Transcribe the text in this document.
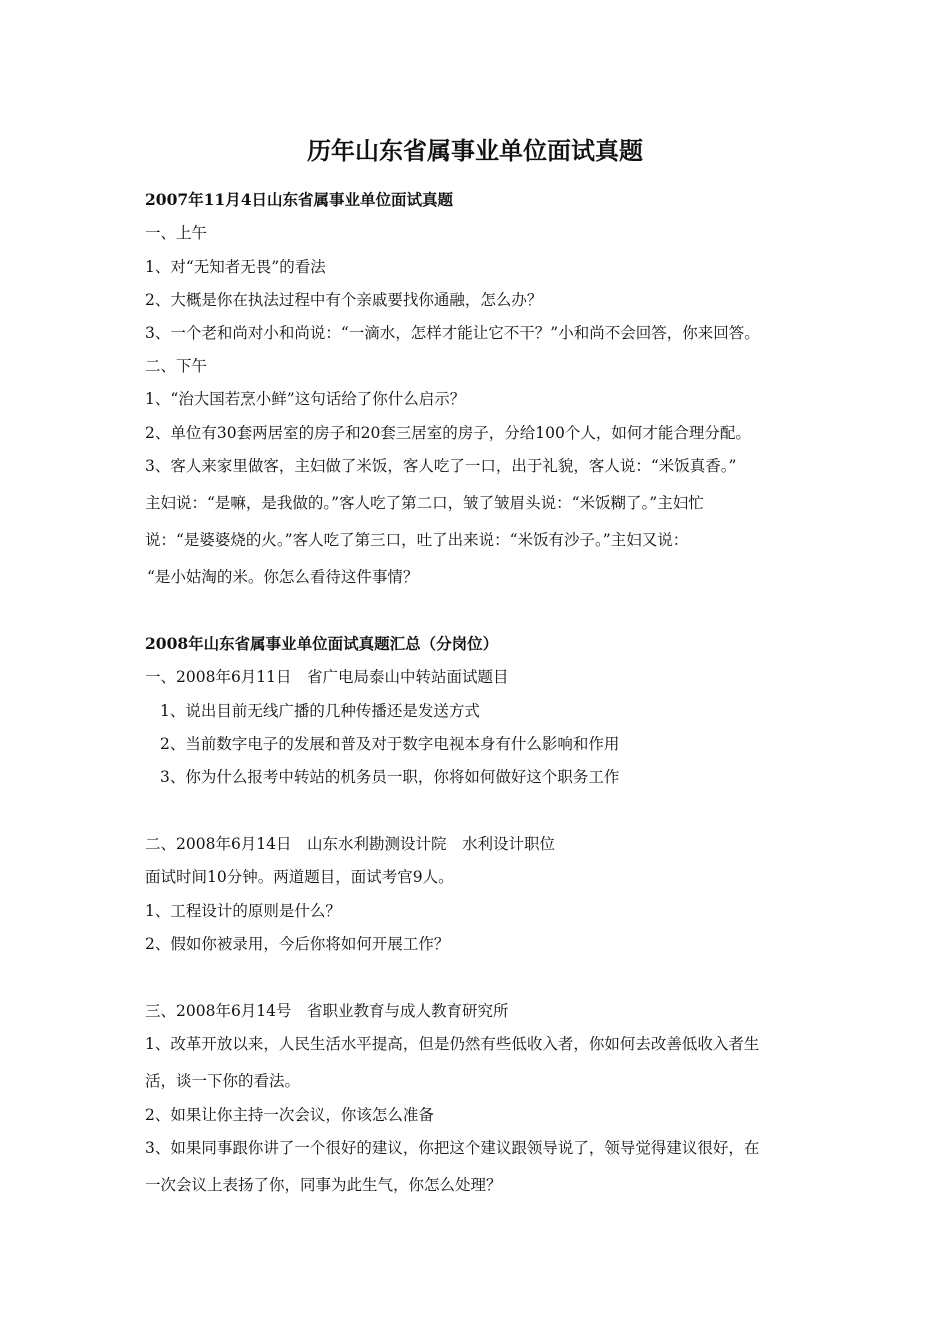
历年山东省属事业单位面试真题
2007年11月4日山东省属事业单位面试真题
一、上午
1、对“无知者无畏”的看法
2、大概是你在执法过程中有个亲戚要找你通融，怎么办？
3、一个老和尚对小和尚说：“一滴水，怎样才能让它不干？”小和尚不会回答，你来回答。
二、下午
1、“治大国若烹小鲜”这句话给了你什么启示？
2、单位有30套两居室的房子和20套三居室的房子，分给100个人，如何才能合理分配。
3、客人来家里做客，主妇做了米饭，客人吃了一口，出于礼貌，客人说：“米饭真香。”
主妇说：“是嘛，是我做的。”客人吃了第二口，皱了皱眉头说：“米饭糊了。”主妇忙
说：“是婆婆烧的火。”客人吃了第三口，吐了出来说：“米饭有沙子。”主妇又说：
“是小姑淘的米。你怎么看待这件事情？
2008年山东省属事业单位面试真题汇总（分岗位）
一、2008年6月11日　省广电局泰山中转站面试题目
1、说出目前无线广播的几种传播还是发送方式
2、当前数字电子的发展和普及对于数字电视本身有什么影响和作用
3、你为什么报考中转站的机务员一职，你将如何做好这个职务工作
二、2008年6月14日　山东水利勘测设计院　水利设计职位
面试时间10分钟。两道题目，面试考官9人。
1、工程设计的原则是什么？
2、假如你被录用，今后你将如何开展工作？
三、2008年6月14号　省职业教育与成人教育研究所
1、改革开放以来，人民生活水平提高，但是仍然有些低收入者，你如何去改善低收入者生
活，谈一下你的看法。
2、如果让你主持一次会议，你该怎么准备
3、如果同事跟你讲了一个很好的建议，你把这个建议跟领导说了，领导觉得建议很好，在
一次会议上表扬了你，同事为此生气，你怎么处理？
